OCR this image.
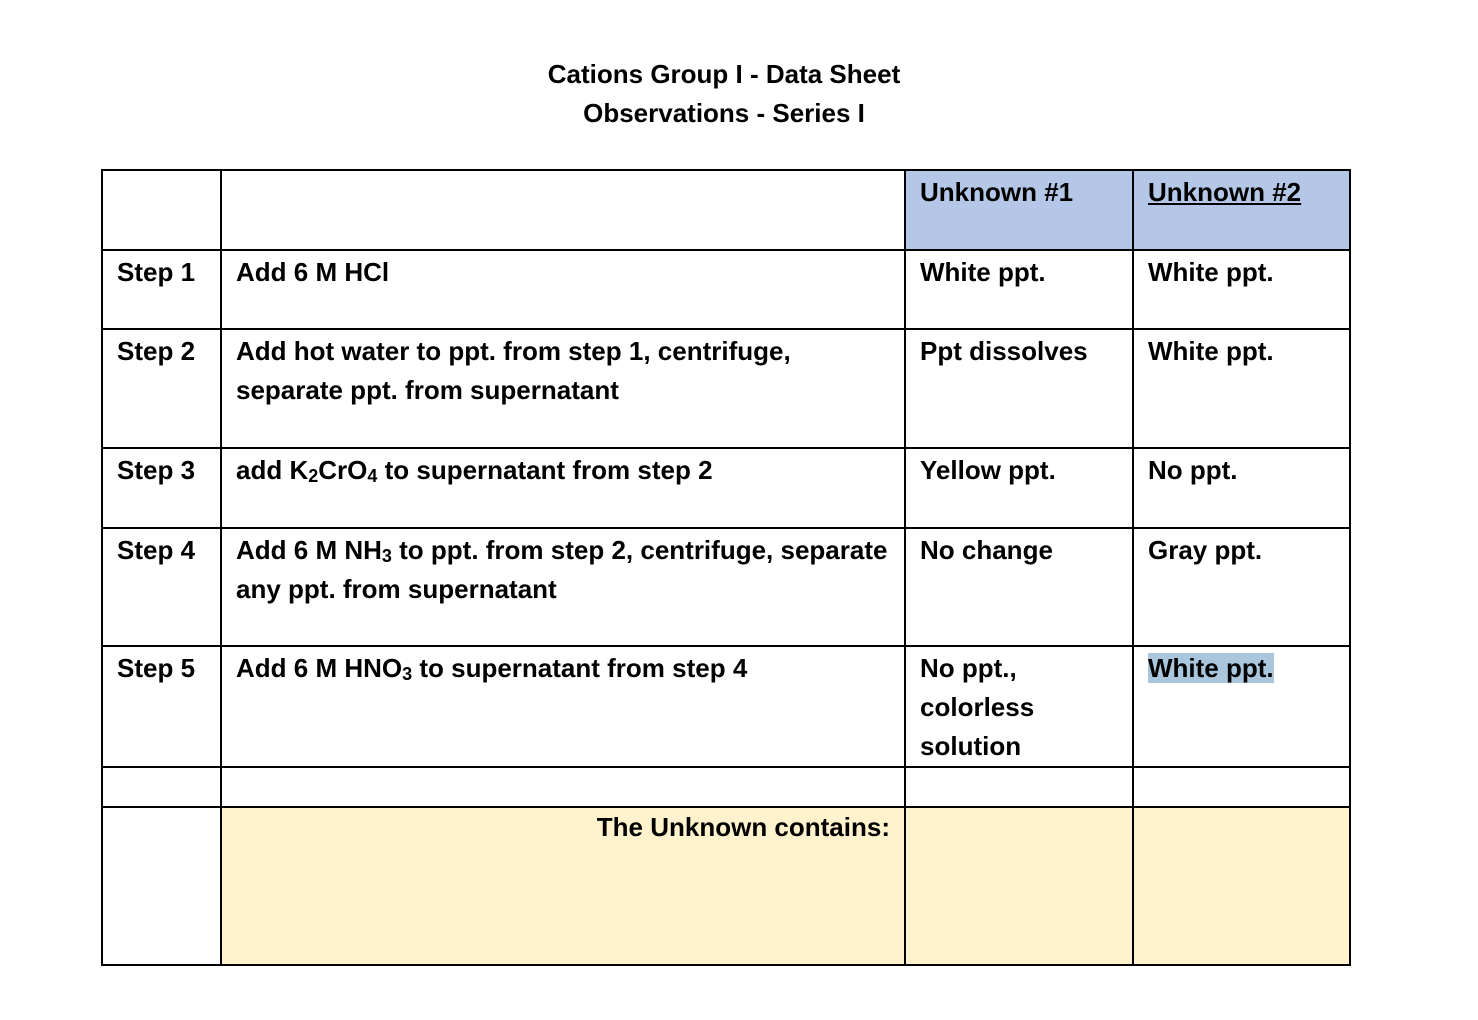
Cations Group I - Data Sheet
Observations - Series I
		Unknown #1	Unknown #2
Step 1	Add 6 M HCl	White ppt.	White ppt.
Step 2	Add hot water to ppt. from step 1, centrifuge, separate ppt. from supernatant	Ppt dissolves	White ppt.
Step 3	add $K_2CrO_4$ to supernatant from step 2	Yellow ppt.	No ppt.
Step 4	Add 6 M $NH_3$ to ppt. from step 2, centrifuge, separate any ppt. from supernatant	No change	Gray ppt.
Step 5	Add 6 M $HNO_3$ to supernatant from step 4	No ppt., colorless solution	White ppt.

	The Unknown contains:		
